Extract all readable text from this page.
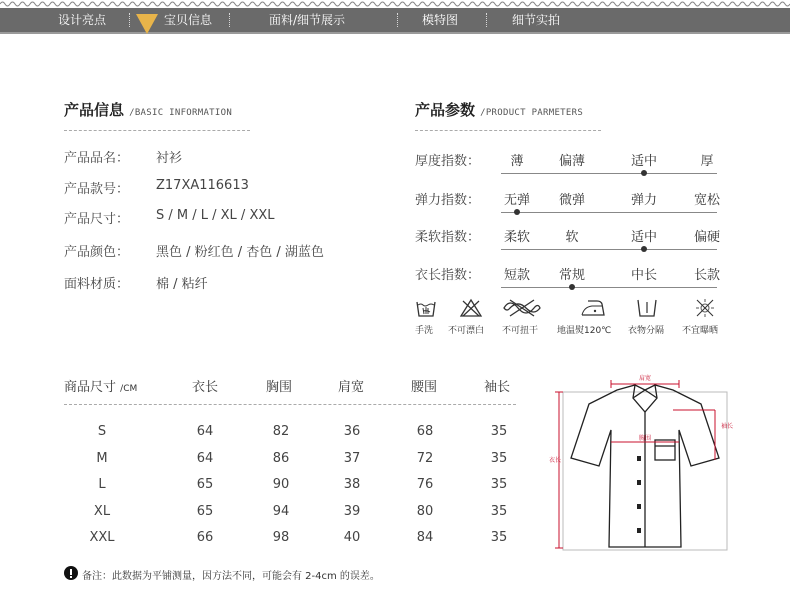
设计亮点	宝贝信息	面料/细节展示	模特图	细节实拍
产品信息 /BASIC INFORMATION
产品品名： 衬衫
产品款号： Z17XA116613
产品尺寸： S / M / L / XL / XXL
产品颜色： 黑色 / 粉红色 / 杏色 / 湖蓝色
面料材质： 棉 / 粘纤
产品参数 /PRODUCT PARMETERS
厚度指数：	薄	偏薄	适中	厚
弹力指数：	无弹	微弹	弹力	宽松
柔软指数：	柔软	软	适中	偏硬
衣长指数：	短款	常规	中长	长款
手洗 不可漂白 不可扭干 地温熨120℃ 衣物分隔 不宜曝晒
商品尺寸 /CM	衣长	胸围	肩宽	腰围	袖长
S	64	82	36	68	35
M	64	86	37	72	35
L	65	90	38	76	35
XL	65	94	39	80	35
XXL	66	98	40	84	35
肩宽
胸围
袖长
衣长
备注：此数据为平铺测量，因方法不同，可能会有 2-4cm 的误差。
